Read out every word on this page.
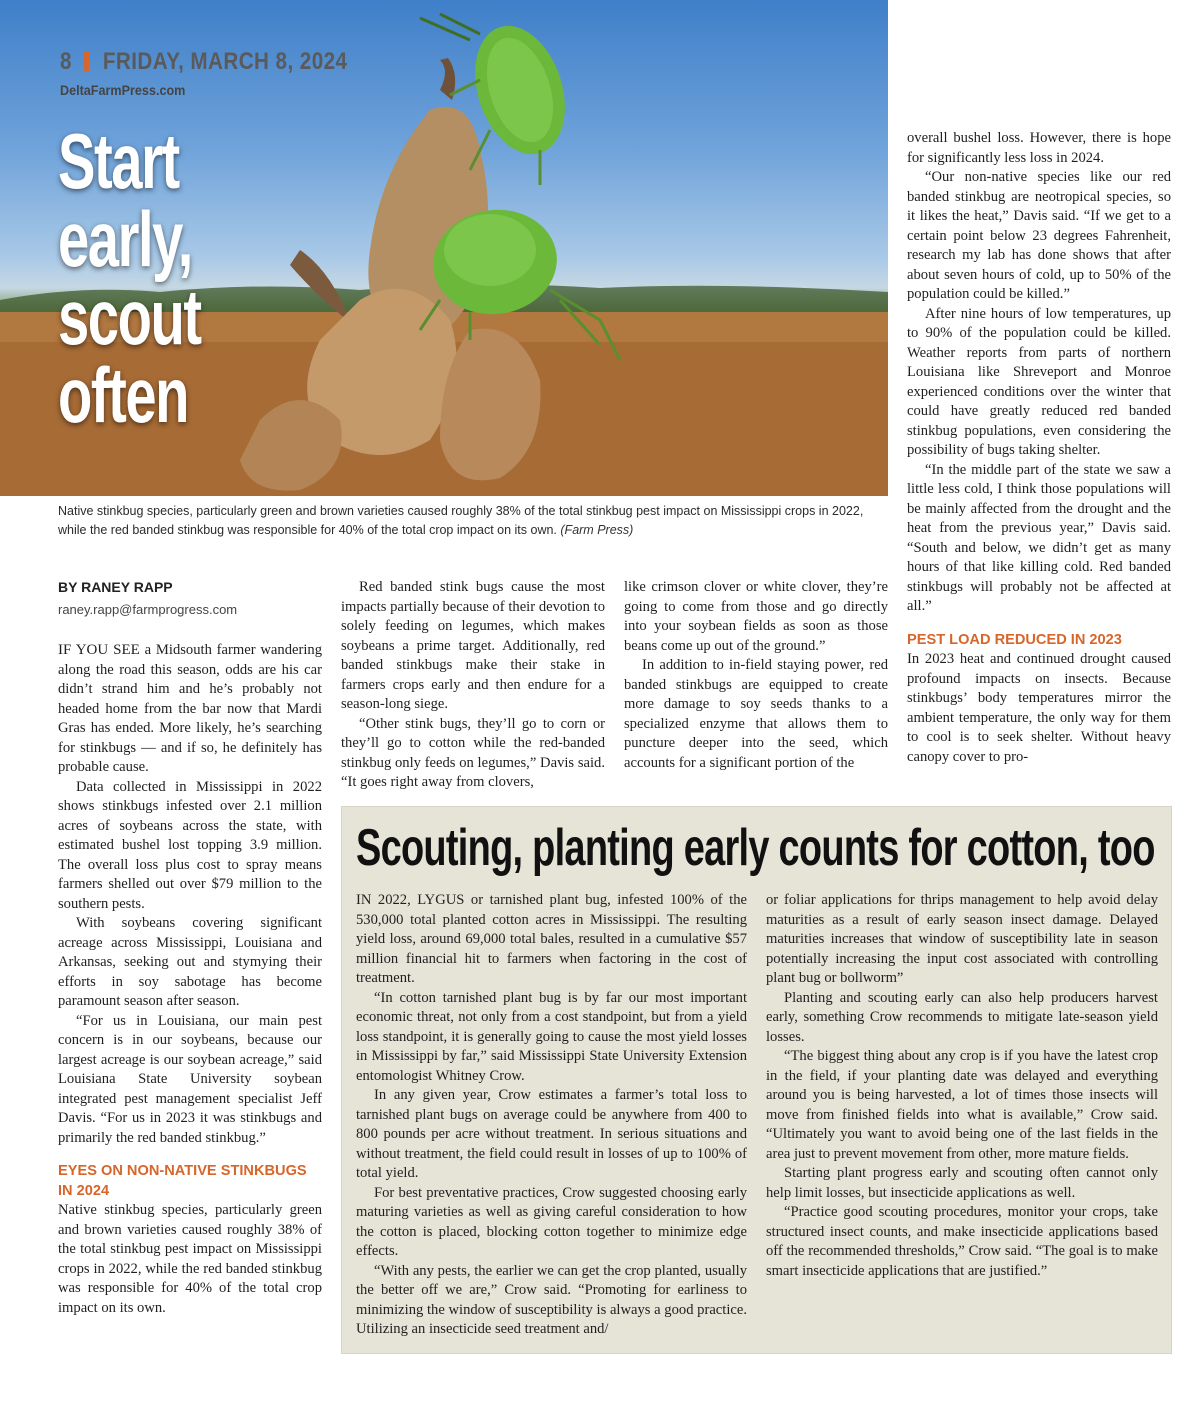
8 FRIDAY, MARCH 8, 2024
DeltaFarmPress.com
Start
early,
scout
often
Native stinkbug species, particularly green and brown varieties caused roughly 38% of the total stinkbug pest impact on Mississippi crops in 2022, while the red banded stinkbug was responsible for 40% of the total crop impact on its own. (Farm Press)
BY RANEY RAPP
raney.rapp@farmprogress.com

IF YOU SEE a Midsouth farmer wandering along the road this season, odds are his car didn’t strand him and he’s probably not headed home from the bar now that Mardi Gras has ended. More likely, he’s searching for stinkbugs — and if so, he definitely has probable cause.

Data collected in Mississippi in 2022 shows stinkbugs infested over 2.1 million acres of soybeans across the state, with estimated bushel lost topping 3.9 million. The overall loss plus cost to spray means farmers shelled out over $79 million to the southern pests.

With soybeans covering significant acreage across Mississippi, Louisiana and Arkansas, seeking out and stymying their efforts in soy sabotage has become paramount season after season.

“For us in Louisiana, our main pest concern is in our soybeans, because our largest acreage is our soybean acreage,” said Louisiana State University soybean integrated pest management specialist Jeff Davis. “For us in 2023 it was stinkbugs and primarily the red banded stinkbug.”

EYES ON NON-NATIVE STINKBUGS IN 2024

Native stinkbug species, particularly green and brown varieties caused roughly 38% of the total stinkbug pest impact on Mississippi crops in 2022, while the red banded stinkbug was responsible for 40% of the total crop impact on its own.

Red banded stink bugs cause the most impacts partially because of their devotion to solely feeding on legumes, which makes soybeans a prime target. Additionally, red banded stinkbugs make their stake in farmers crops early and then endure for a season-long siege.

“Other stink bugs, they’ll go to corn or they’ll go to cotton while the red-banded stinkbug only feeds on legumes,” Davis said. “It goes right away from clovers,

like crimson clover or white clover, they’re going to come from those and go directly into your soybean fields as soon as those beans come up out of the ground.”

In addition to in-field staying power, red banded stinkbugs are equipped to create more damage to soy seeds thanks to a specialized enzyme that allows them to puncture deeper into the seed, which accounts for a significant portion of the

overall bushel loss. However, there is hope for significantly less loss in 2024.

“Our non-native species like our red banded stinkbug are neotropical species, so it likes the heat,” Davis said. “If we get to a certain point below 23 degrees Fahrenheit, research my lab has done shows that after about seven hours of cold, up to 50% of the population could be killed.”

After nine hours of low temperatures, up to 90% of the population could be killed. Weather reports from parts of northern Louisiana like Shreveport and Monroe experienced conditions over the winter that could have greatly reduced red banded stinkbug populations, even considering the possibility of bugs taking shelter.

“In the middle part of the state we saw a little less cold, I think those populations will be mainly affected from the drought and the heat from the previous year,” Davis said. “South and below, we didn’t get as many hours of that like killing cold. Red banded stinkbugs will probably not be affected at all.”

PEST LOAD REDUCED IN 2023

In 2023 heat and continued drought caused profound impacts on insects. Because stinkbugs’ body temperatures mirror the ambient temperature, the only way for them to cool is to seek shelter. Without heavy canopy cover to pro-

Scouting, planting early counts for cotton, too

IN 2022, LYGUS or tarnished plant bug, infested 100% of the 530,000 total planted cotton acres in Mississippi. The resulting yield loss, around 69,000 total bales, resulted in a cumulative $57 million financial hit to farmers when factoring in the cost of treatment.

“In cotton tarnished plant bug is by far our most important economic threat, not only from a cost standpoint, but from a yield loss standpoint, it is generally going to cause the most yield losses in Mississippi by far,” said Mississippi State University Extension entomologist Whitney Crow.

In any given year, Crow estimates a farmer’s total loss to tarnished plant bugs on average could be anywhere from 400 to 800 pounds per acre without treatment. In serious situations and without treatment, the field could result in losses of up to 100% of total yield.

For best preventative practices, Crow suggested choosing early maturing varieties as well as giving careful consideration to how the cotton is placed, blocking cotton together to minimize edge effects.

“With any pests, the earlier we can get the crop planted, usually the better off we are,” Crow said. “Promoting for earliness to minimizing the window of susceptibility is always a good practice. Utilizing an insecticide seed treatment and/

or foliar applications for thrips management to help avoid delay maturities as a result of early season insect damage. Delayed maturities increases that window of susceptibility late in season potentially increasing the input cost associated with controlling plant bug or bollworm”

Planting and scouting early can also help producers harvest early, something Crow recommends to mitigate late-season yield losses.

“The biggest thing about any crop is if you have the latest crop in the field, if your planting date was delayed and everything around you is being harvested, a lot of times those insects will move from finished fields into what is available,” Crow said. “Ultimately you want to avoid being one of the last fields in the area just to prevent movement from other, more mature fields.

Starting plant progress early and scouting often cannot only help limit losses, but insecticide applications as well.

“Practice good scouting procedures, monitor your crops, take structured insect counts, and make insecticide applications based off the recommended thresholds,” Crow said. “The goal is to make smart insecticide applications that are justified.”
